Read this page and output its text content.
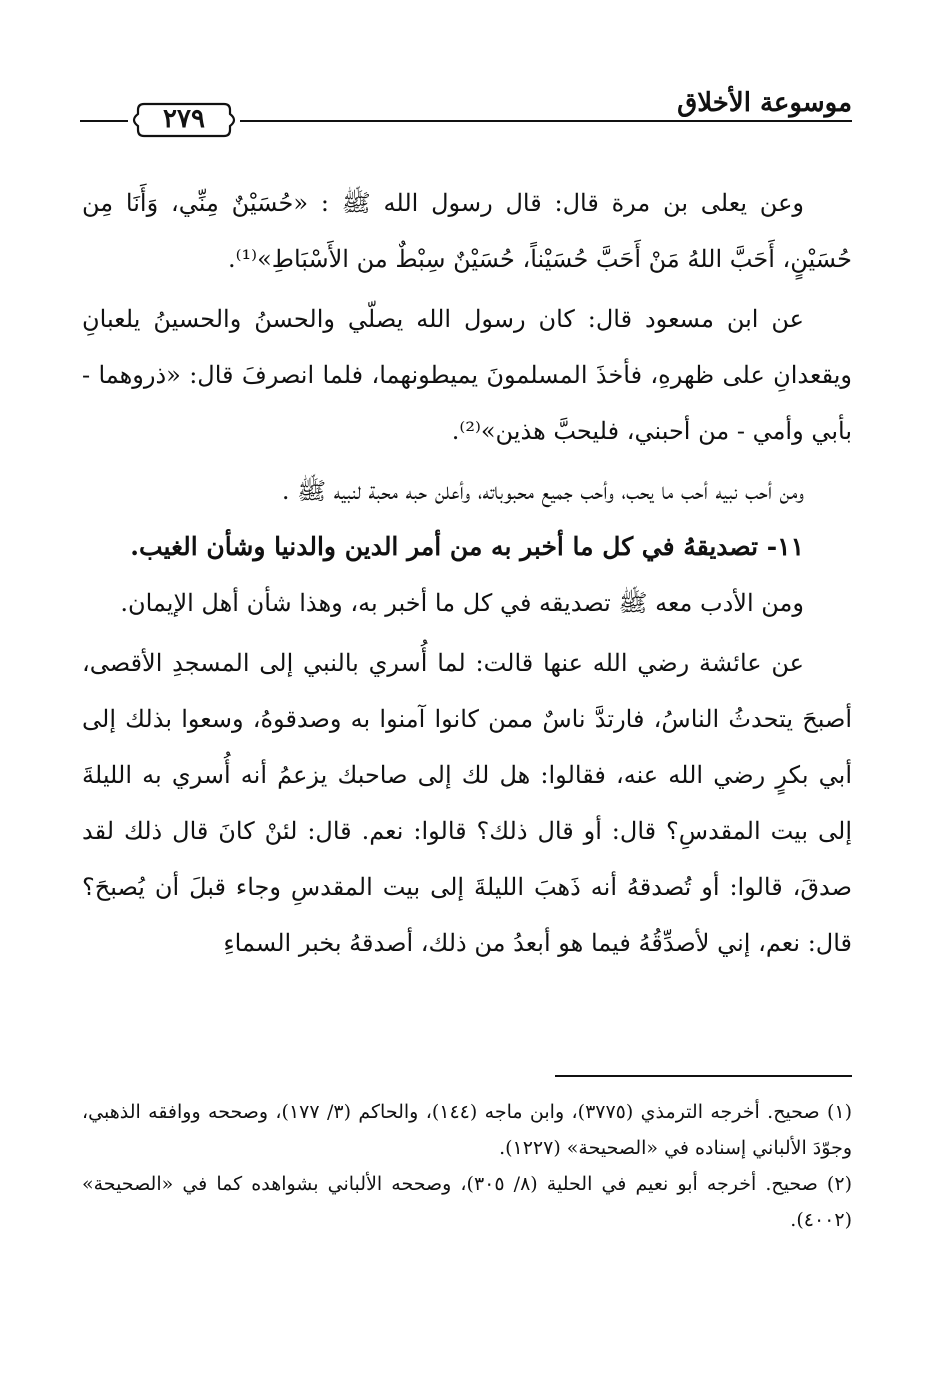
موسوعة الأخلاق
٢٧٩

وعن يعلى بن مرة قال: قال رسول الله ﷺ : «حُسَيْنٌ مِنِّي، وَأَنَا مِن حُسَيْنٍ، أَحَبَّ اللهُ مَنْ أَحَبَّ حُسَيْناً، حُسَيْنٌ سِبْطٌ من الأَسْبَاطِ»⁽¹⁾.

عن ابن مسعود قال: كان رسول الله يصلّي والحسنُ والحسينُ يلعبانِ ويقعدانِ على ظهرهِ، فأخذَ المسلمونَ يميطونهما، فلما انصرفَ قال: «ذروهما - بأبي وأمي - من أحبني، فليحبَّ هذين»⁽²⁾.

ومن أحب نبيه أحب ما يحب، وأحب جميع محبوباته، وأعلن حبه محبة لنبيه ﷺ .

١١- تصديقهُ في كل ما أخبر به من أمر الدين والدنيا وشأن الغيب.

ومن الأدب معه ﷺ تصديقه في كل ما أخبر به، وهذا شأن أهل الإيمان.

عن عائشة رضي الله عنها قالت: لما أُسري بالنبي إلى المسجدِ الأقصى، أصبحَ يتحدثُ الناسُ، فارتدَّ ناسٌ ممن كانوا آمنوا به وصدقوهُ، وسعوا بذلك إلى أبي بكرٍ رضي الله عنه، فقالوا: هل لك إلى صاحبك يزعمُ أنه أُسري به الليلةَ إلى بيت المقدسِ؟ قال: أو قال ذلك؟ قالوا: نعم. قال: لئنْ كانَ قال ذلك لقد صدقَ، قالوا: أو تُصدقهُ أنه ذَهبَ الليلةَ إلى بيت المقدسِ وجاء قبلَ أن يُصبحَ؟ قال: نعم، إني لأصدِّقُهُ فيما هو أبعدُ من ذلك، أصدقهُ بخبر السماءِ

(١) صحيح. أخرجه الترمذي (٣٧٧٥)، وابن ماجه (١٤٤)، والحاكم (٣/ ١٧٧)، وصححه ووافقه الذهبي، وجوّدَ الألباني إسناده في «الصحيحة» (١٢٢٧).

(٢) صحيح. أخرجه أبو نعيم في الحلية (٨/ ٣٠٥)، وصححه الألباني بشواهده كما في «الصحيحة» (٤٠٠٢).
